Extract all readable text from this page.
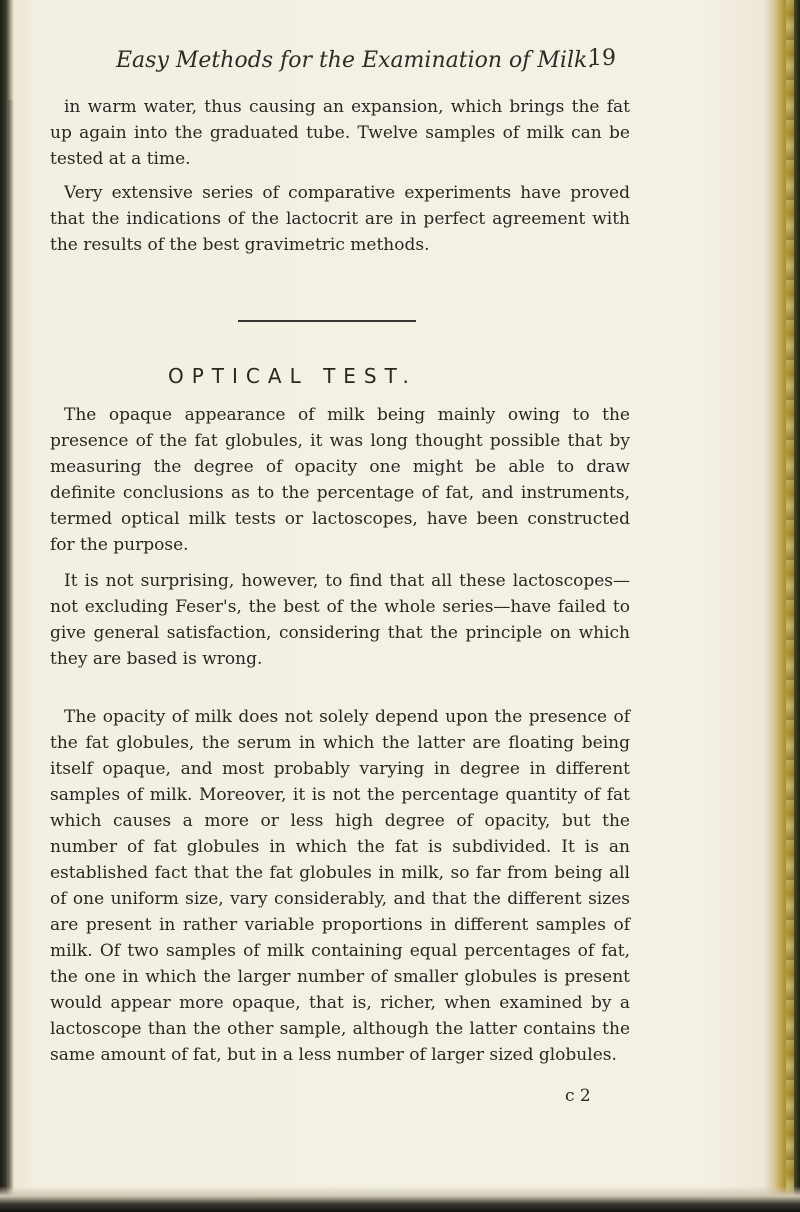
Easy Methods for the Examination of Milk.
19

in warm water, thus causing an expansion, which brings the fat up again into the graduated tube. Twelve samples of milk can be tested at a time.

Very extensive series of comparative experiments have proved that the indications of the lactocrit are in perfect agreement with the results of the best gravimetric methods.

OPTICAL TEST.

The opaque appearance of milk being mainly owing to the presence of the fat globules, it was long thought possible that by measuring the degree of opacity one might be able to draw definite conclusions as to the percentage of fat, and instruments, termed optical milk tests or lactoscopes, have been constructed for the purpose.

It is not surprising, however, to find that all these lactoscopes—not excluding Feser's, the best of the whole series—have failed to give general satisfaction, considering that the principle on which they are based is wrong.

The opacity of milk does not solely depend upon the presence of the fat globules, the serum in which the latter are floating being itself opaque, and most probably varying in degree in different samples of milk. Moreover, it is not the percentage quantity of fat which causes a more or less high degree of opacity, but the number of fat globules in which the fat is subdivided. It is an established fact that the fat globules in milk, so far from being all of one uniform size, vary considerably, and that the different sizes are present in rather variable proportions in different samples of milk. Of two samples of milk containing equal percentages of fat, the one in which the larger number of smaller globules is present would appear more opaque, that is, richer, when examined by a lactoscope than the other sample, although the latter contains the same amount of fat, but in a less number of larger sized globules.

c 2
